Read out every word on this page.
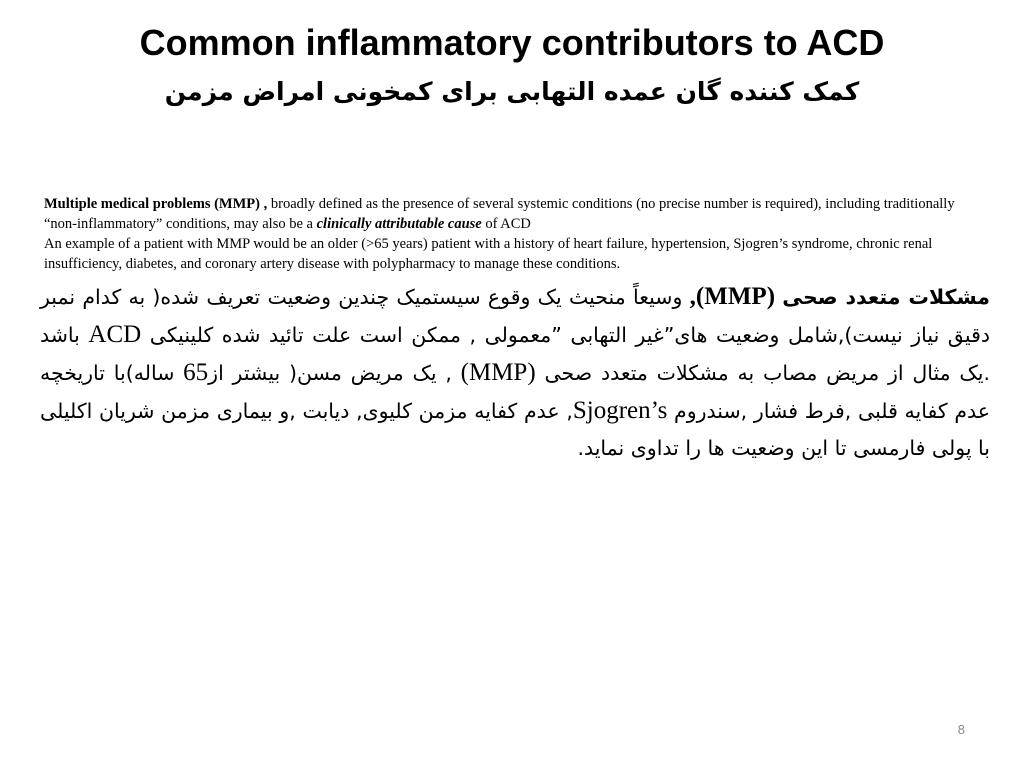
Common inflammatory contributors to ACD
کمک کننده گان عمده التهابی برای کمخونی امراض مزمن

Multiple medical problems (MMP) , broadly defined as the presence of several systemic conditions (no precise number is required), including traditionally “non-inflammatory” conditions, may also be a clinically attributable cause of ACD

An example of a patient with MMP would be an older (>65 years) patient with a history of heart failure, hypertension, Sjogren’s syndrome, chronic renal insufficiency, diabetes, and coronary artery disease with polypharmacy to manage these conditions.

مشکلات متعدد صحی (MMP), وسیعاً منحیث یک وقوع سیستمیک چندین وضعیت تعریف شده( به کدام نمبر دقیق نیاز نیست),شامل وضعیت های”غیر التهابی ”معمولی , ممکن است علت تائید شده کلینیکی ACD باشد .یک مثال از مریض مصاب به مشکلات متعدد صحی (MMP) , یک مریض مسن( بیشتر از65 ساله)با تاریخچه عدم کفایه قلبی ,فرط فشار ,سندروم Sjogren’s, عدم کفایه مزمن کلیوی, دیابت ,و بیماری مزمن شریان اکلیلی با پولی فارمسی تا این وضعیت ها را تداوی نماید.
8
